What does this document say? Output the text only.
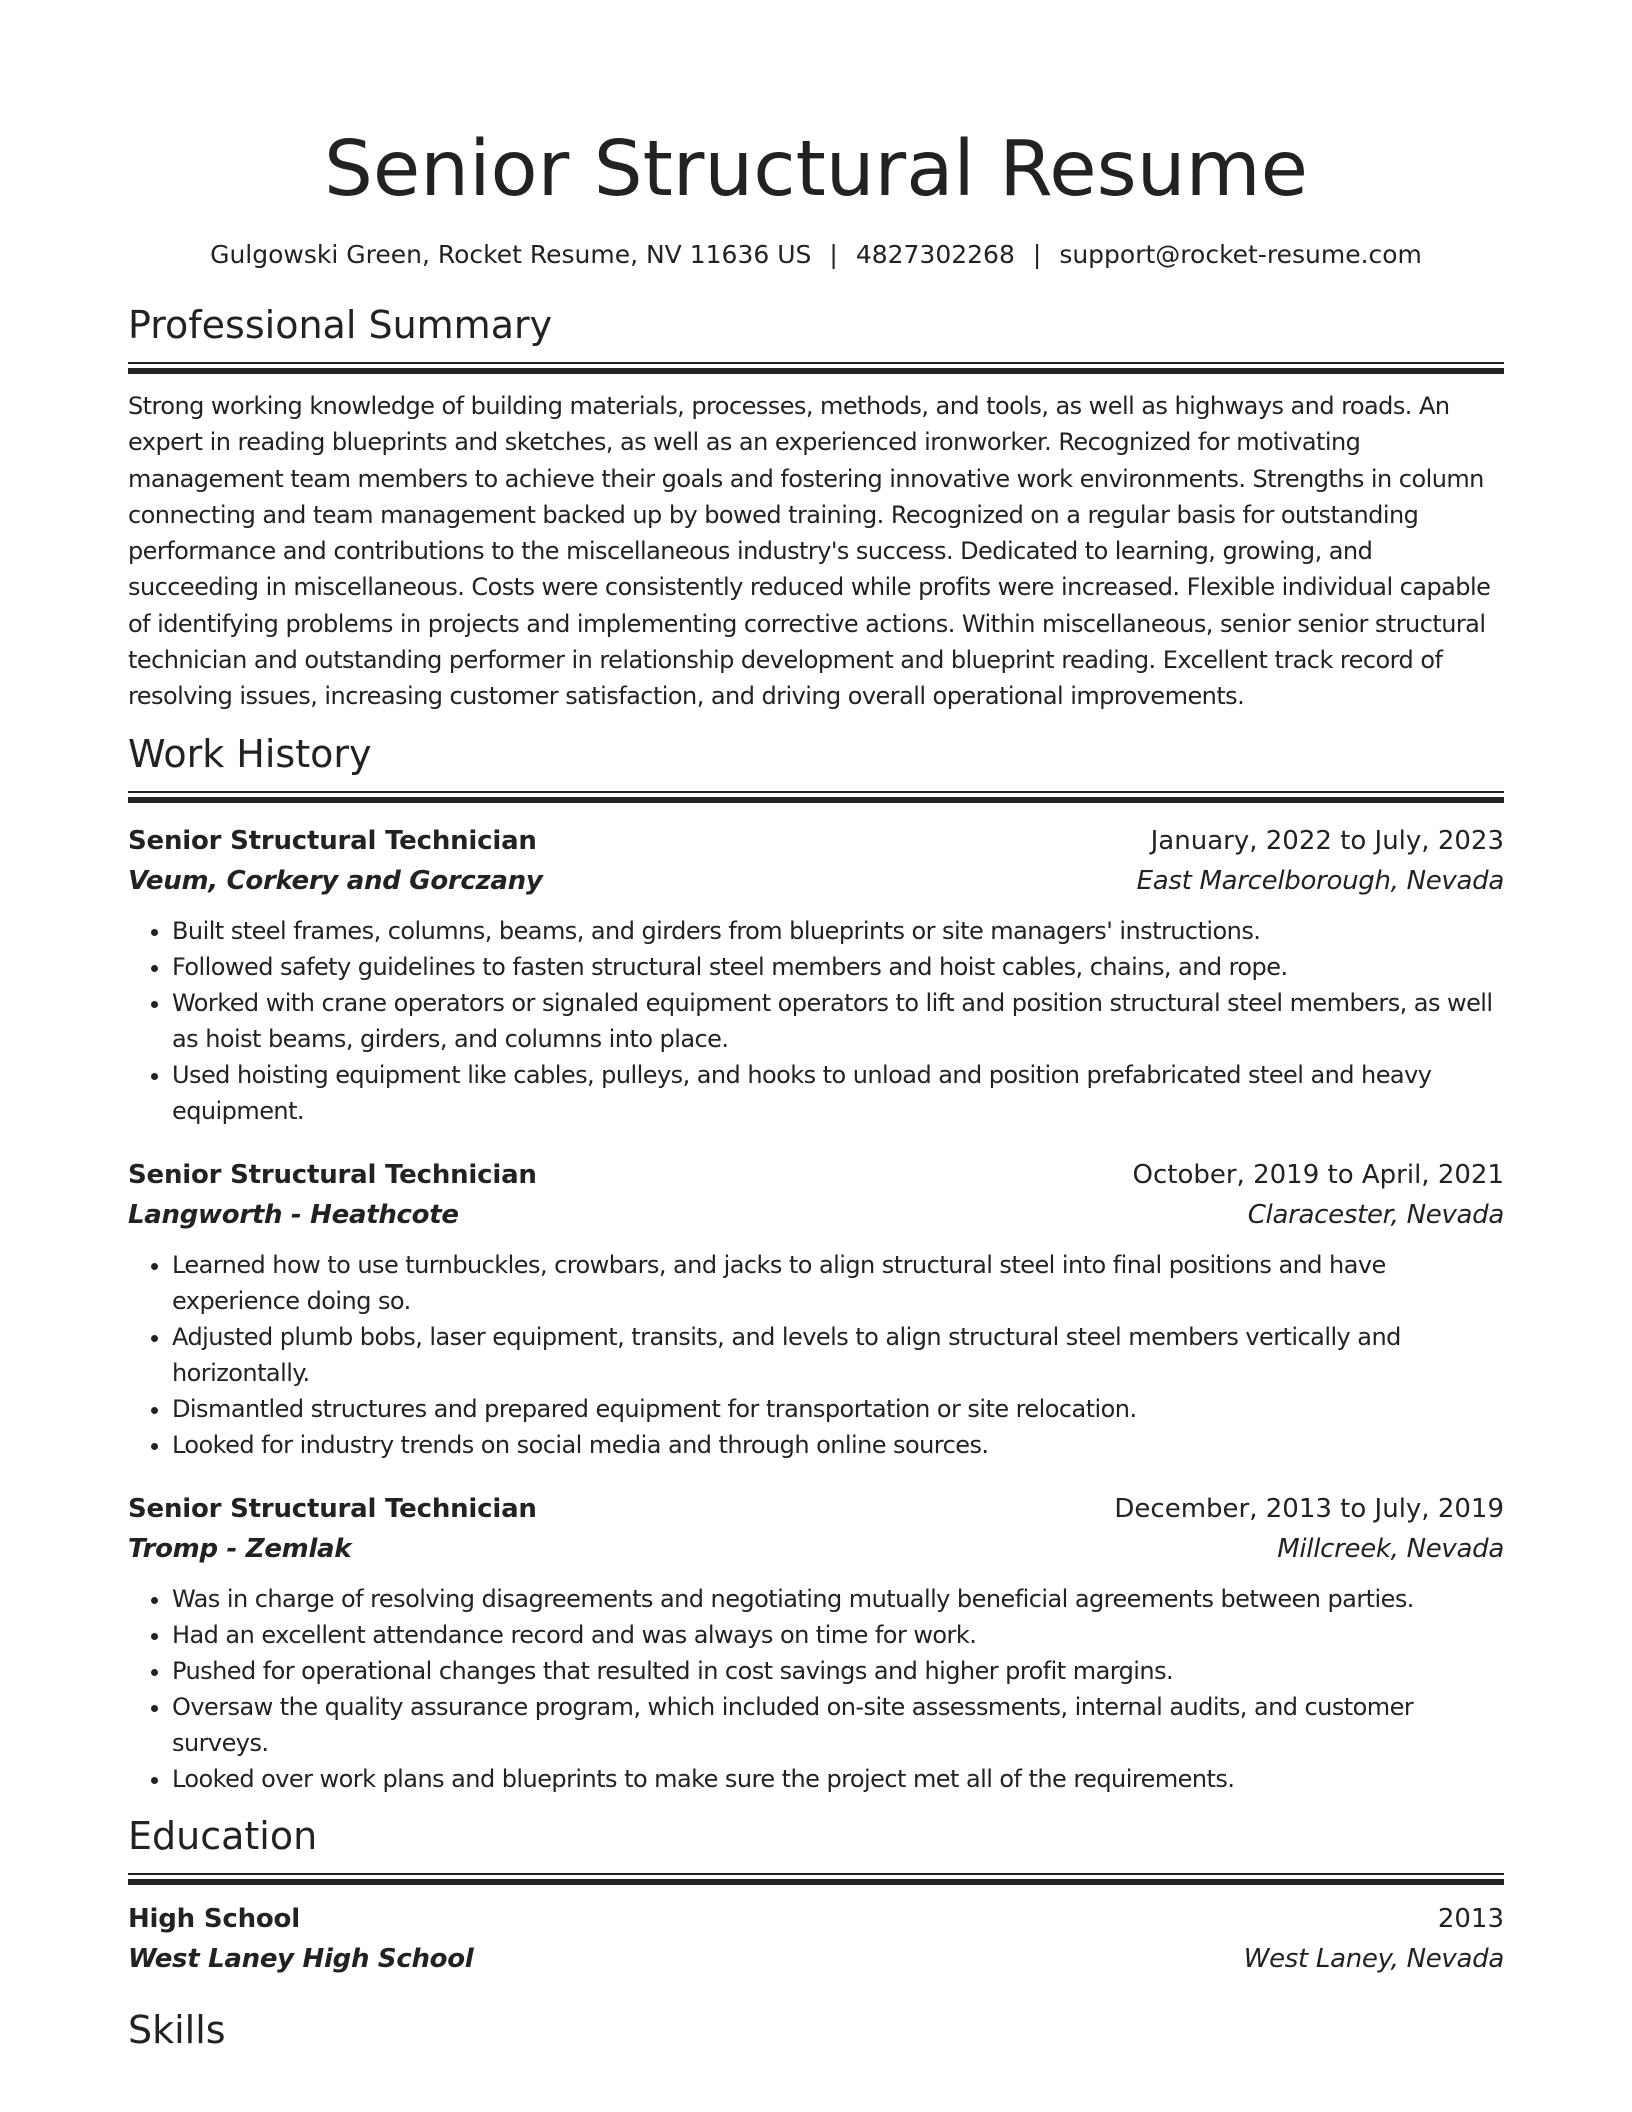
Senior Structural Resume
Gulgowski Green, Rocket Resume, NV 11636 US | 4827302268 | support@rocket-resume.com
Professional Summary
Strong working knowledge of building materials, processes, methods, and tools, as well as highways and roads. An expert in reading blueprints and sketches, as well as an experienced ironworker. Recognized for motivating management team members to achieve their goals and fostering innovative work environments. Strengths in column connecting and team management backed up by bowed training. Recognized on a regular basis for outstanding performance and contributions to the miscellaneous industry's success. Dedicated to learning, growing, and succeeding in miscellaneous. Costs were consistently reduced while profits were increased. Flexible individual capable of identifying problems in projects and implementing corrective actions. Within miscellaneous, senior senior structural technician and outstanding performer in relationship development and blueprint reading. Excellent track record of resolving issues, increasing customer satisfaction, and driving overall operational improvements.
Work History
Senior Structural Technician	January, 2022 to July, 2023
Veum, Corkery and Gorczany	East Marcelborough, Nevada
• Built steel frames, columns, beams, and girders from blueprints or site managers' instructions.
• Followed safety guidelines to fasten structural steel members and hoist cables, chains, and rope.
• Worked with crane operators or signaled equipment operators to lift and position structural steel members, as well as hoist beams, girders, and columns into place.
• Used hoisting equipment like cables, pulleys, and hooks to unload and position prefabricated steel and heavy equipment.
Senior Structural Technician	October, 2019 to April, 2021
Langworth - Heathcote	Claracester, Nevada
• Learned how to use turnbuckles, crowbars, and jacks to align structural steel into final positions and have experience doing so.
• Adjusted plumb bobs, laser equipment, transits, and levels to align structural steel members vertically and horizontally.
• Dismantled structures and prepared equipment for transportation or site relocation.
• Looked for industry trends on social media and through online sources.
Senior Structural Technician	December, 2013 to July, 2019
Tromp - Zemlak	Millcreek, Nevada
• Was in charge of resolving disagreements and negotiating mutually beneficial agreements between parties.
• Had an excellent attendance record and was always on time for work.
• Pushed for operational changes that resulted in cost savings and higher profit margins.
• Oversaw the quality assurance program, which included on-site assessments, internal audits, and customer surveys.
• Looked over work plans and blueprints to make sure the project met all of the requirements.
Education
High School	2013
West Laney High School	West Laney, Nevada
Skills
